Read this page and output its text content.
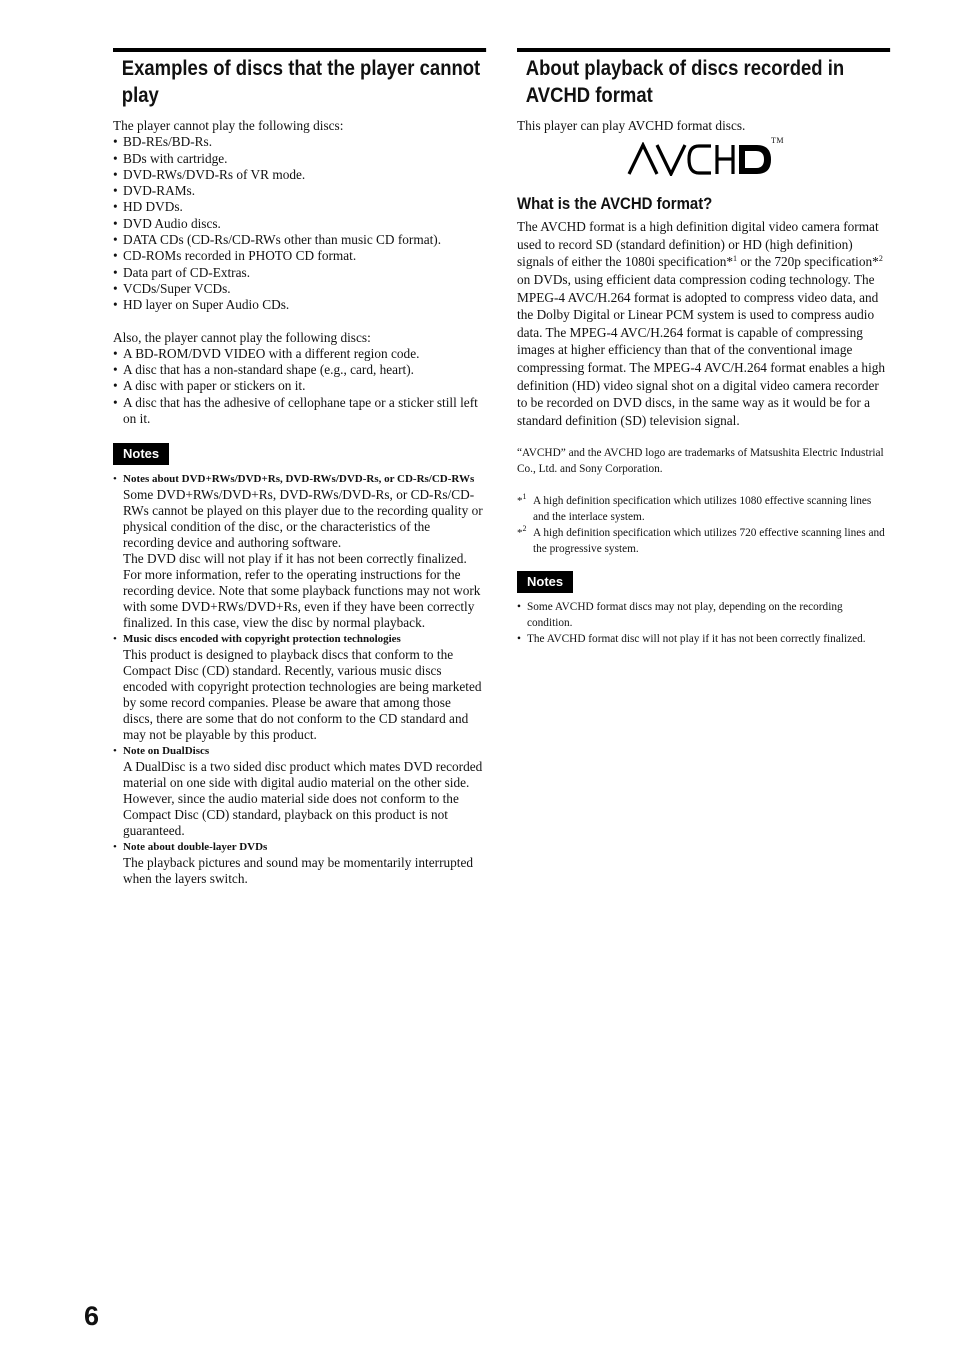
Examples of discs that the player cannot play

The player cannot play the following discs:

• BD-REs/BD-Rs.
• BDs with cartridge.
• DVD-RWs/DVD-Rs of VR mode.
• DVD-RAMs.
• HD DVDs.
• DVD Audio discs.
• DATA CDs (CD-Rs/CD-RWs other than music CD format).
• CD-ROMs recorded in PHOTO CD format.
• Data part of CD-Extras.
• VCDs/Super VCDs.
• HD layer on Super Audio CDs.

Also, the player cannot play the following discs:

• A BD-ROM/DVD VIDEO with a different region code.
• A disc that has a non-standard shape (e.g., card, heart).
• A disc with paper or stickers on it.
• A disc that has the adhesive of cellophane tape or a sticker still left on it.
Notes
• Notes about DVD+RWs/DVD+Rs, DVD-RWs/DVD-Rs, or CD-Rs/CD-RWs
Some DVD+RWs/DVD+Rs, DVD-RWs/DVD-Rs, or CD-Rs/CD-RWs cannot be played on this player due to the recording quality or physical condition of the disc, or the characteristics of the recording device and authoring software.
The DVD disc will not play if it has not been correctly finalized. For more information, refer to the operating instructions for the recording device. Note that some playback functions may not work with some DVD+RWs/DVD+Rs, even if they have been correctly finalized. In this case, view the disc by normal playback.
• Music discs encoded with copyright protection technologies
This product is designed to playback discs that conform to the Compact Disc (CD) standard. Recently, various music discs encoded with copyright protection technologies are being marketed by some record companies. Please be aware that among those discs, there are some that do not conform to the CD standard and may not be playable by this product.
• Note on DualDiscs
A DualDisc is a two sided disc product which mates DVD recorded material on one side with digital audio material on the other side.
However, since the audio material side does not conform to the Compact Disc (CD) standard, playback on this product is not guaranteed.
• Note about double-layer DVDs
The playback pictures and sound may be momentarily interrupted when the layers switch.
About playback of discs recorded in AVCHD format

This player can play AVCHD format discs.

TM
What is the AVCHD format?

The AVCHD format is a high definition digital video camera format used to record SD (standard definition) or HD (high definition) signals of either the 1080i specification*$^1$ or the 720p specification*$^2$ on DVDs, using efficient data compression coding technology. The MPEG-4 AVC/H.264 format is adopted to compress video data, and the Dolby Digital or Linear PCM system is used to compress audio data. The MPEG-4 AVC/H.264 format is capable of compressing images at higher efficiency than that of the conventional image compressing format. The MPEG-4 AVC/H.264 format enables a high definition (HD) video signal shot on a digital video camera recorder to be recorded on DVD discs, in the same way as it would be for a standard definition (SD) television signal.

“AVCHD” and the AVCHD logo are trademarks of Matsushita Electric Industrial Co., Ltd. and Sony Corporation.

*$^1$ A high definition specification which utilizes 1080 effective scanning lines and the interlace system.
*$^2$ A high definition specification which utilizes 720 effective scanning lines and the progressive system.
Notes
• Some AVCHD format discs may not play, depending on the recording condition.
• The AVCHD format disc will not play if it has not been correctly finalized.
6
